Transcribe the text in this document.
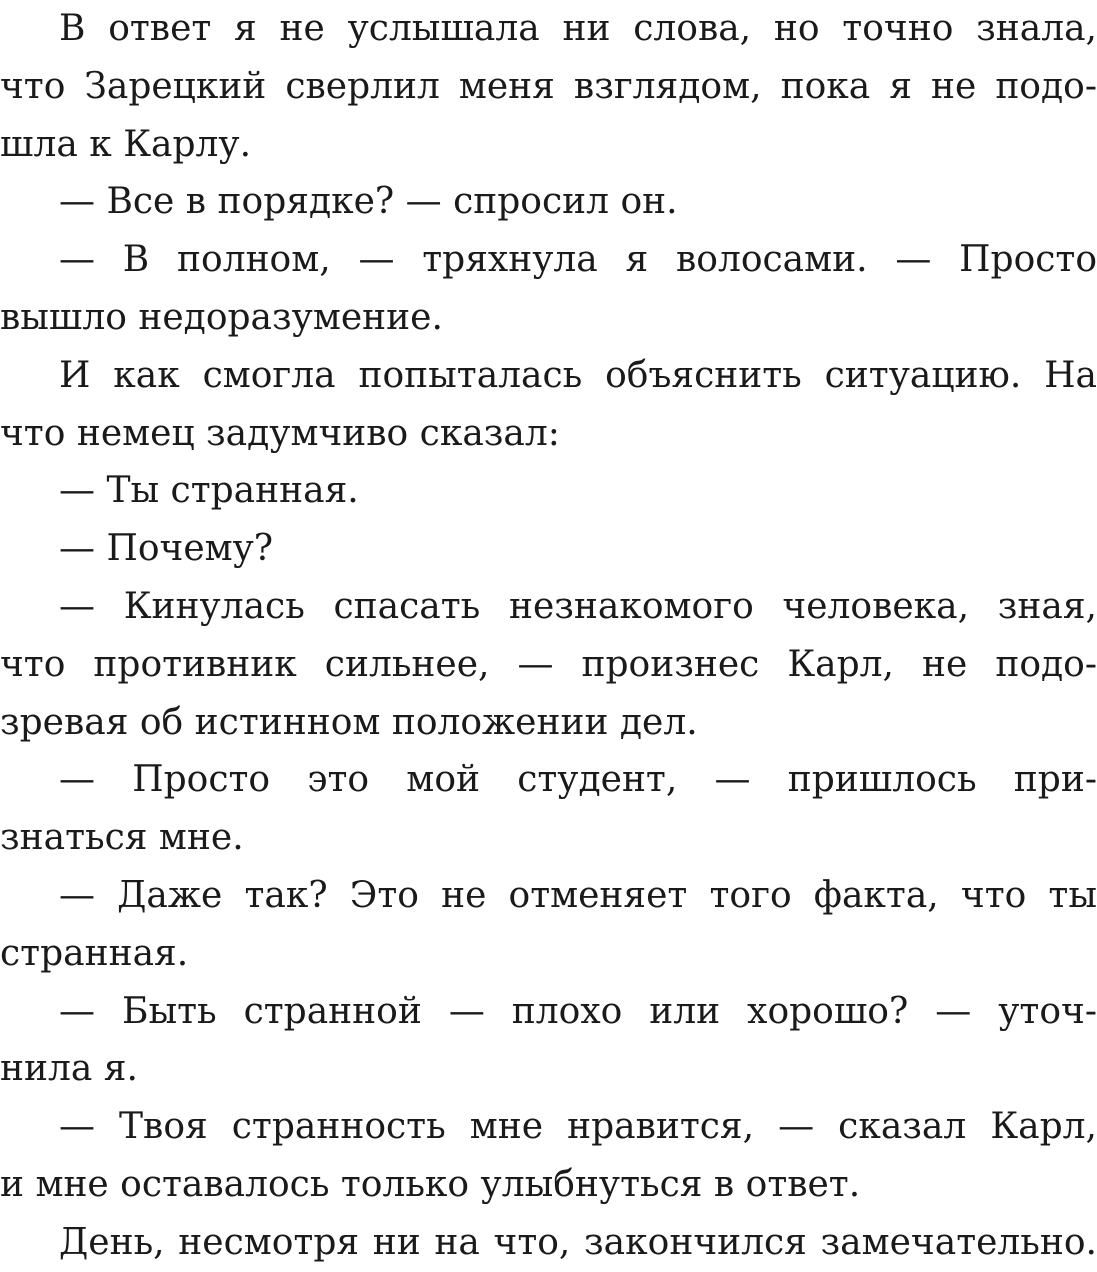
В ответ я не услышала ни слова, но точно знала,
что Зарецкий сверлил меня взглядом, пока я не подо-
шла к Карлу.
— Все в порядке? — спросил он.
— В полном, — тряхнула я волосами. — Просто
вышло недоразумение.
И как смогла попыталась объяснить ситуацию. На
что немец задумчиво сказал:
— Ты странная.
— Почему?
— Кинулась спасать незнакомого человека, зная,
что противник сильнее, — произнес Карл, не подо-
зревая об истинном положении дел.
— Просто это мой студент, — пришлось при-
знаться мне.
— Даже так? Это не отменяет того факта, что ты
странная.
— Быть странной — плохо или хорошо? — уточ-
нила я.
— Твоя странность мне нравится, — сказал Карл,
и мне оставалось только улыбнуться в ответ.
День, несмотря ни на что, закончился замечательно.
